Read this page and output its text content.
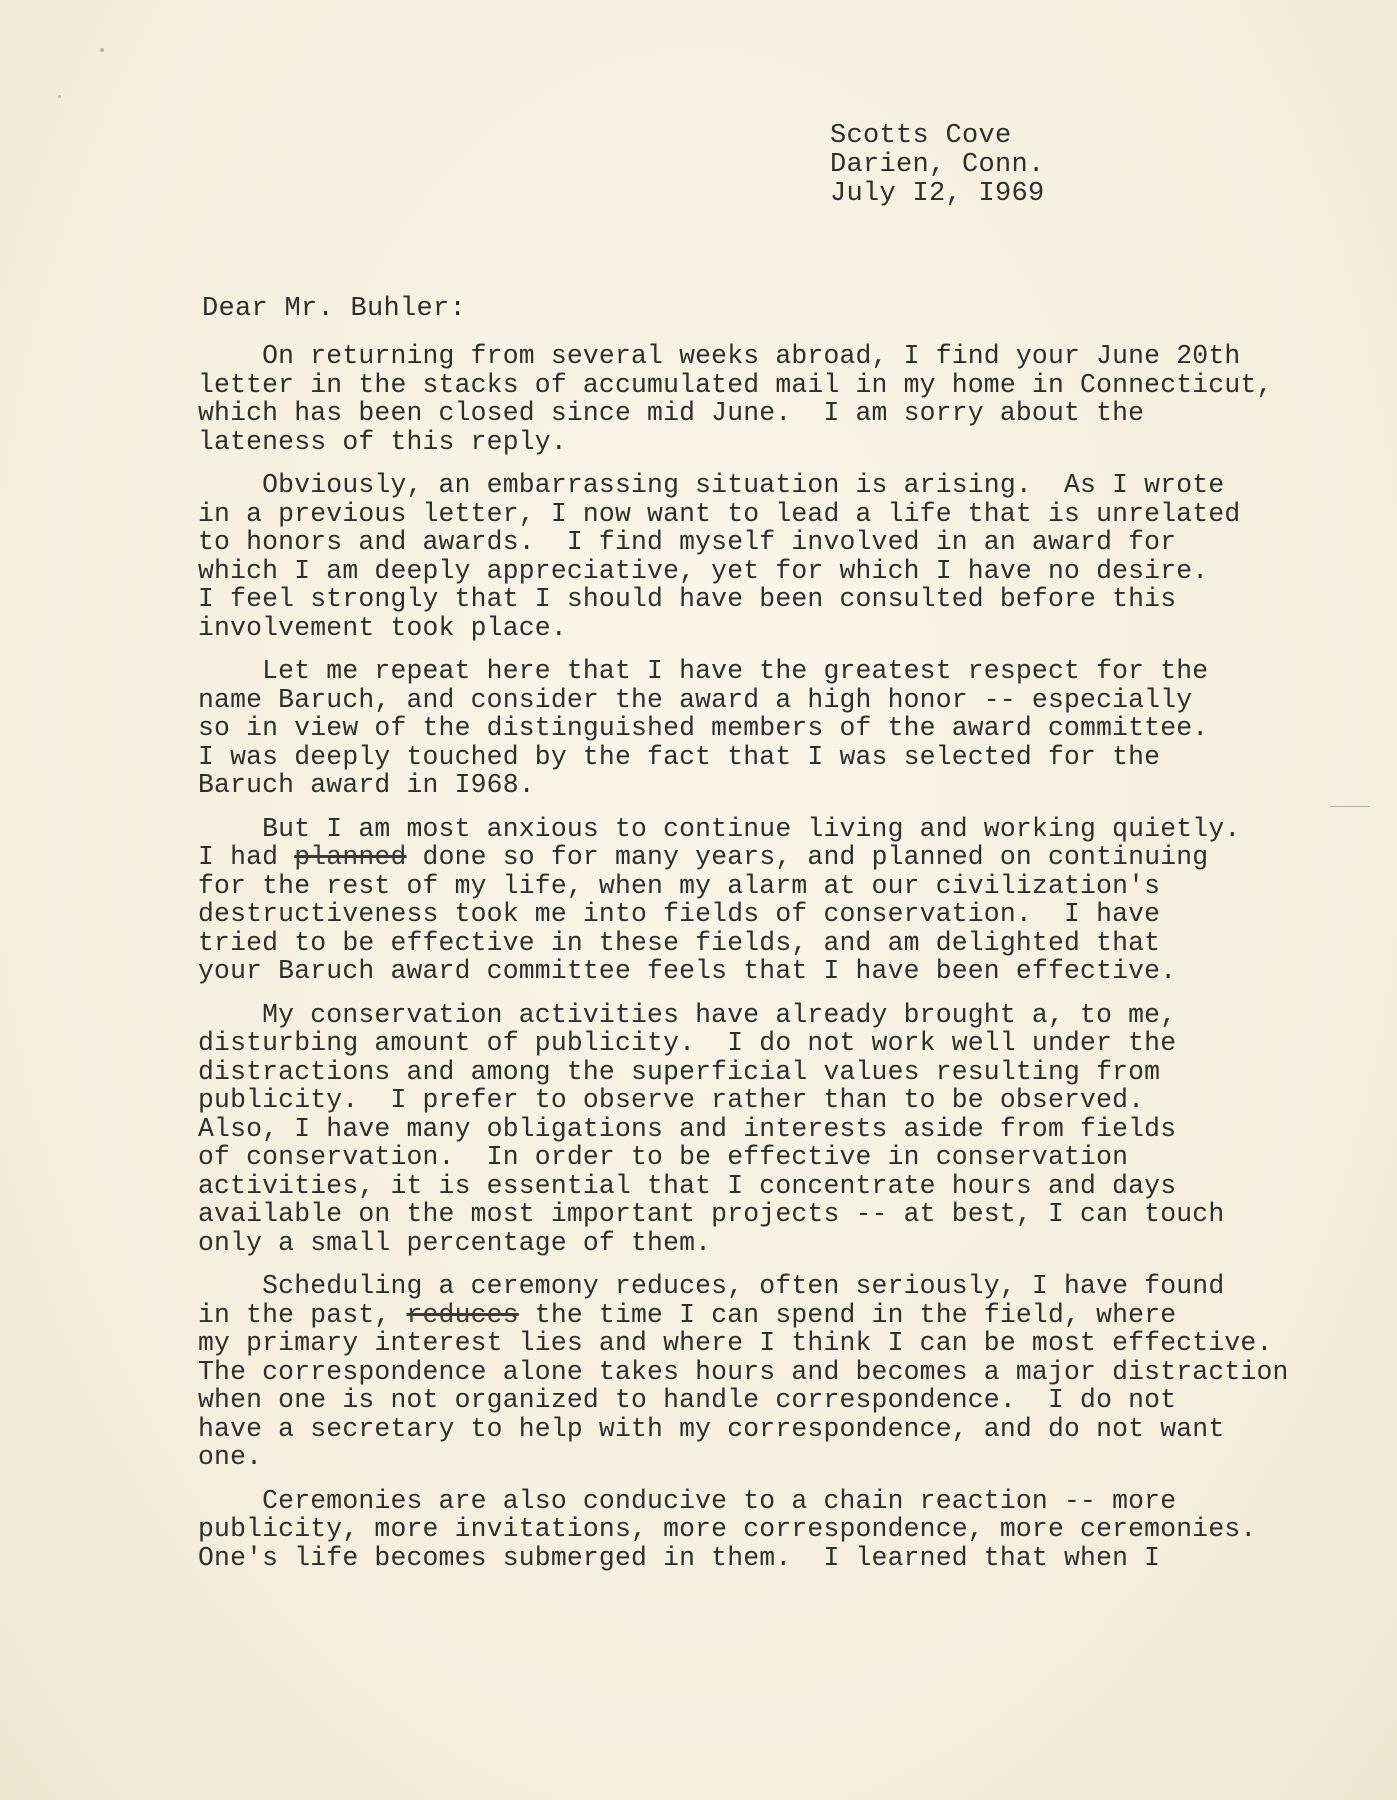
Scotts Cove
Darien, Conn.
July I2, I969
Dear Mr. Buhler:
On returning from several weeks abroad, I find your June 20th
letter in the stacks of accumulated mail in my home in Connecticut,
which has been closed since mid June.  I am sorry about the
lateness of this reply.
Obviously, an embarrassing situation is arising.  As I wrote
in a previous letter, I now want to lead a life that is unrelated
to honors and awards.  I find myself involved in an award for
which I am deeply appreciative, yet for which I have no desire.
I feel strongly that I should have been consulted before this
involvement took place.
Let me repeat here that I have the greatest respect for the
name Baruch, and consider the award a high honor -- especially
so in view of the distinguished members of the award committee.
I was deeply touched by the fact that I was selected for the
Baruch award in I968.
But I am most anxious to continue living and working quietly.
I had planned done so for many years, and planned on continuing
for the rest of my life, when my alarm at our civilization's
destructiveness took me into fields of conservation.  I have
tried to be effective in these fields, and am delighted that
your Baruch award committee feels that I have been effective.
My conservation activities have already brought a, to me,
disturbing amount of publicity.  I do not work well under the
distractions and among the superficial values resulting from
publicity.  I prefer to observe rather than to be observed.
Also, I have many obligations and interests aside from fields
of conservation.  In order to be effective in conservation
activities, it is essential that I concentrate hours and days
available on the most important projects -- at best, I can touch
only a small percentage of them.
Scheduling a ceremony reduces, often seriously, I have found
in the past, reduces the time I can spend in the field, where
my primary interest lies and where I think I can be most effective.
The correspondence alone takes hours and becomes a major distraction
when one is not organized to handle correspondence.  I do not
have a secretary to help with my correspondence, and do not want
one.
Ceremonies are also conducive to a chain reaction -- more
publicity, more invitations, more correspondence, more ceremonies.
One's life becomes submerged in them.  I learned that when I
